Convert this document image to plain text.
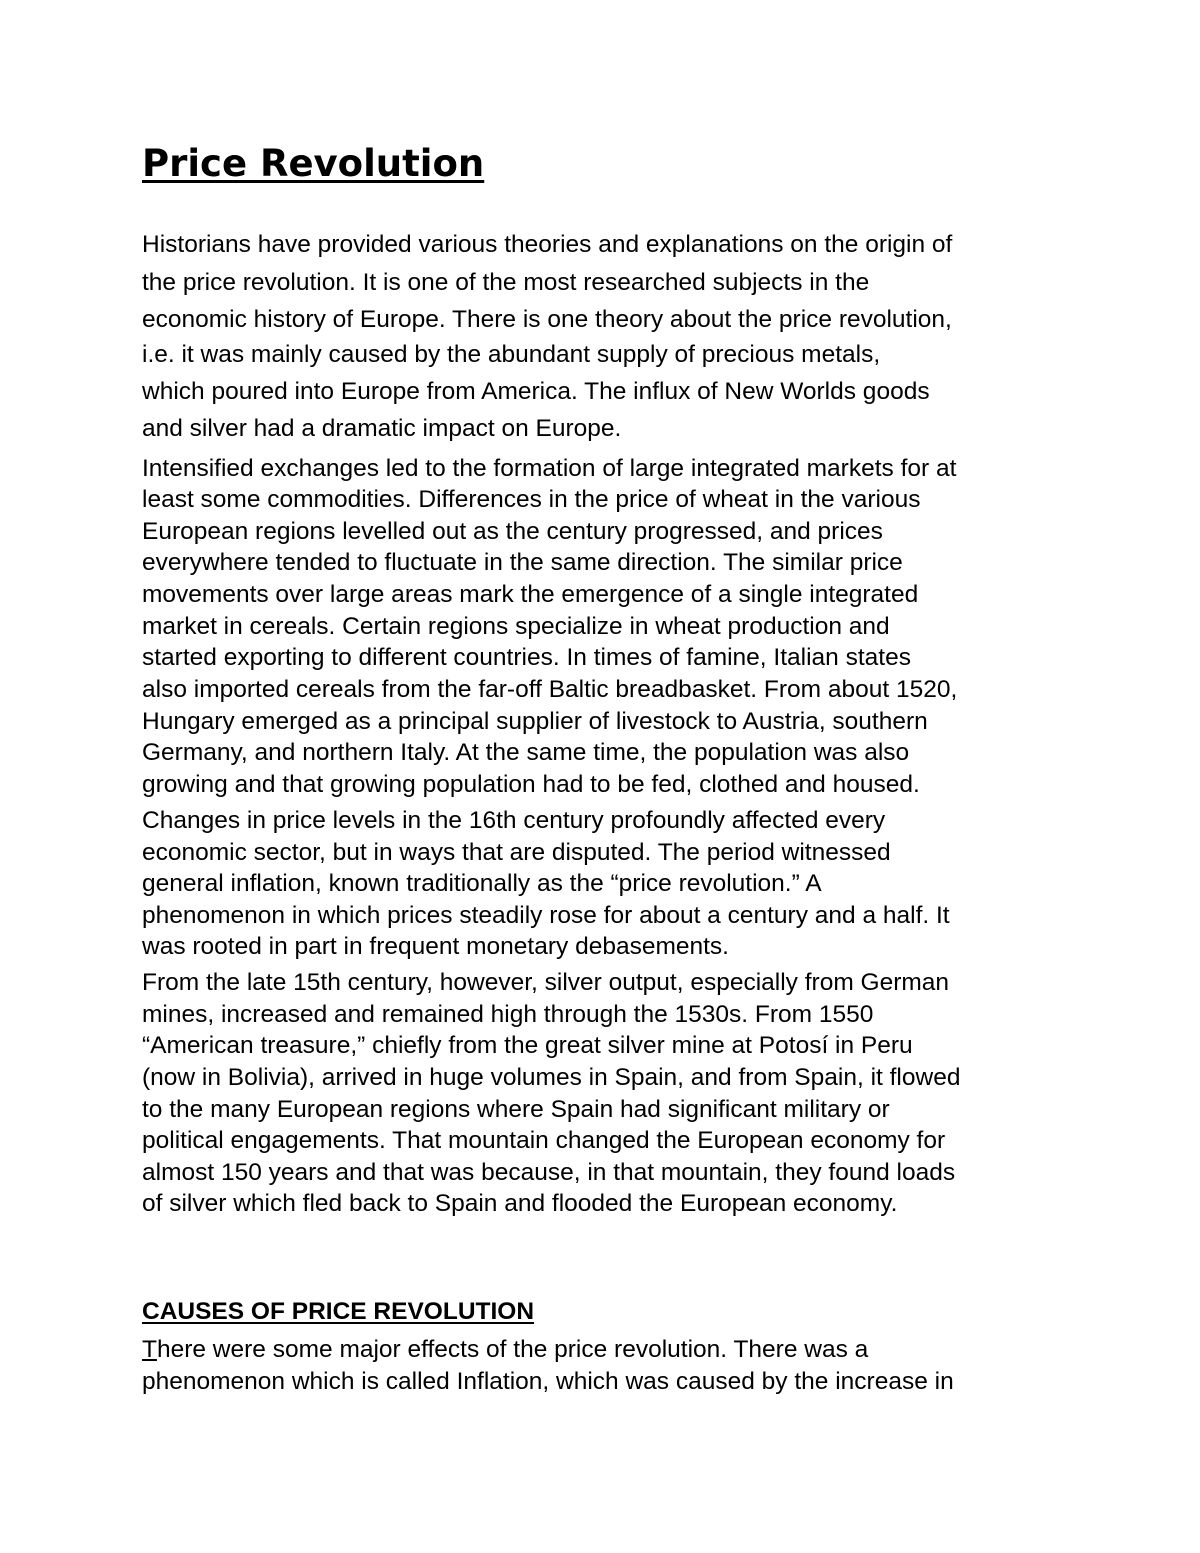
Price Revolution

Historians have provided various theories and explanations on the origin of

the price revolution. It is one of the most researched subjects in the

economic history of Europe. There is one theory about the price revolution,

i.e. it was mainly caused by the abundant supply of precious metals,

which poured into Europe from America. The influx of New Worlds goods

and silver had a dramatic impact on Europe.

Intensified exchanges led to the formation of large integrated markets for at

least some commodities. Differences in the price of wheat in the various

European regions levelled out as the century progressed, and prices

everywhere tended to fluctuate in the same direction. The similar price

movements over large areas mark the emergence of a single integrated

market in cereals. Certain regions specialize in wheat production and

started exporting to different countries. In times of famine, Italian states

also imported cereals from the far-off Baltic breadbasket. From about 1520,

Hungary emerged as a principal supplier of livestock to Austria, southern

Germany, and northern Italy. At the same time, the population was also

growing and that growing population had to be fed, clothed and housed.

Changes in price levels in the 16th century profoundly affected every

economic sector, but in ways that are disputed. The period witnessed

general inflation, known traditionally as the “price revolution.” A

phenomenon in which prices steadily rose for about a century and a half. It

was rooted in part in frequent monetary debasements.

From the late 15th century, however, silver output, especially from German

mines, increased and remained high through the 1530s. From 1550

“American treasure,” chiefly from the great silver mine at Potosí in Peru

(now in Bolivia), arrived in huge volumes in Spain, and from Spain, it flowed

to the many European regions where Spain had significant military or

political engagements. That mountain changed the European economy for

almost 150 years and that was because, in that mountain, they found loads

of silver which fled back to Spain and flooded the European economy.

There were some major effects of the price revolution. There was a

phenomenon which is called Inflation, which was caused by the increase in

CAUSES OF PRICE REVOLUTION
